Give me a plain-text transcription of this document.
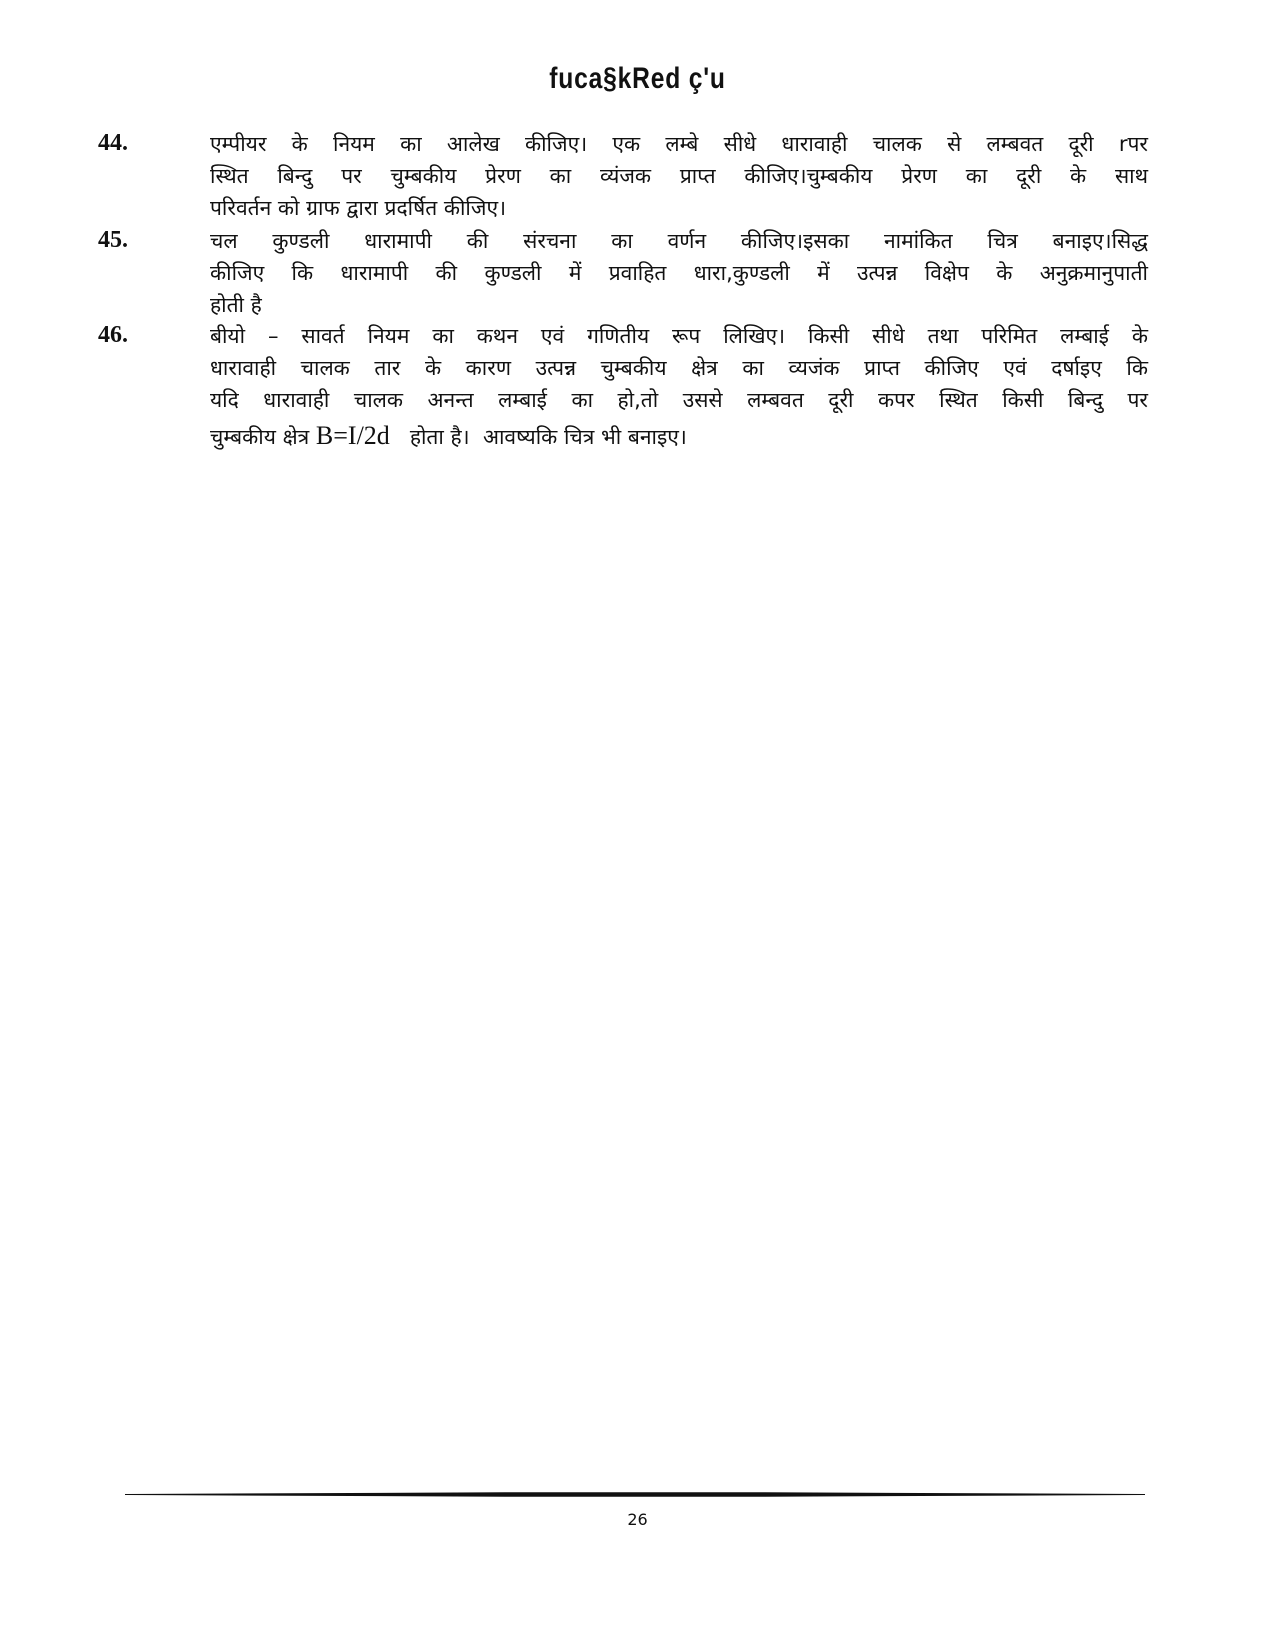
fuca§kRed ç'u
44.	एम्पीयर के नियम का आलेख कीजिए। एक लम्बे सीधे धारावाही चालक से लम्बवत दूरी rपर
स्थित बिन्दु पर चुम्बकीय प्रेरण का व्यंजक प्राप्त कीजिए।चुम्बकीय प्रेरण का दूरी के साथ
परिवर्तन को ग्राफ द्वारा प्रदर्षित कीजिए।
45.	चल कुण्डली धारामापी की संरचना का वर्णन कीजिए।इसका नामांकित चित्र बनाइए।सिद्ध
कीजिए कि धारामापी की कुण्डली में प्रवाहित धारा,कुण्डली में उत्पन्न विक्षेप के अनुक्रमानुपाती
होती है
46.	बीयो – सावर्त नियम का कथन एवं गणितीय रूप लिखिए। किसी सीधे तथा परिमित लम्बाई के
धारावाही चालक तार के कारण उत्पन्न चुम्बकीय क्षेत्र का व्यजंक प्राप्त कीजिए एवं दर्षाइए कि
यदि धारावाही चालक अनन्त लम्बाई का हो,तो उससे लम्बवत दूरी कपर स्थित किसी बिन्दु पर
चुम्बकीय क्षेत्र B=I/2d   होता है।  आवष्यकि चित्र भी बनाइए।
26
